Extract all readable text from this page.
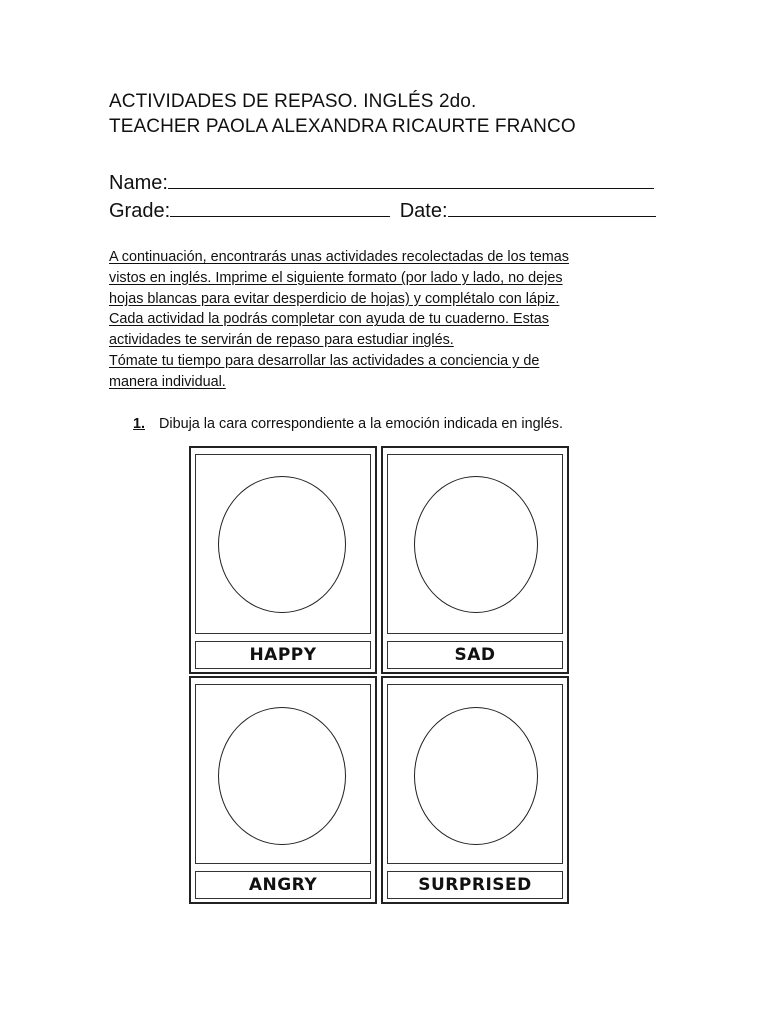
ACTIVIDADES DE REPASO. INGLÉS 2do.
TEACHER PAOLA ALEXANDRA RICAURTE FRANCO
Name:
Grade:	Date:

A continuación, encontrarás unas actividades recolectadas de los temas

vistos en inglés. Imprime el siguiente formato (por lado y lado, no dejes

hojas blancas para evitar desperdicio de hojas) y complétalo con lápiz.

Cada actividad la podrás completar con ayuda de tu cuaderno. Estas

actividades te servirán de repaso para estudiar inglés.

Tómate tu tiempo para desarrollar las actividades a conciencia y de

manera individual.

1. Dibuja la cara correspondiente a la emoción indicada en inglés.
HAPPY	SAD
ANGRY	SURPRISED
